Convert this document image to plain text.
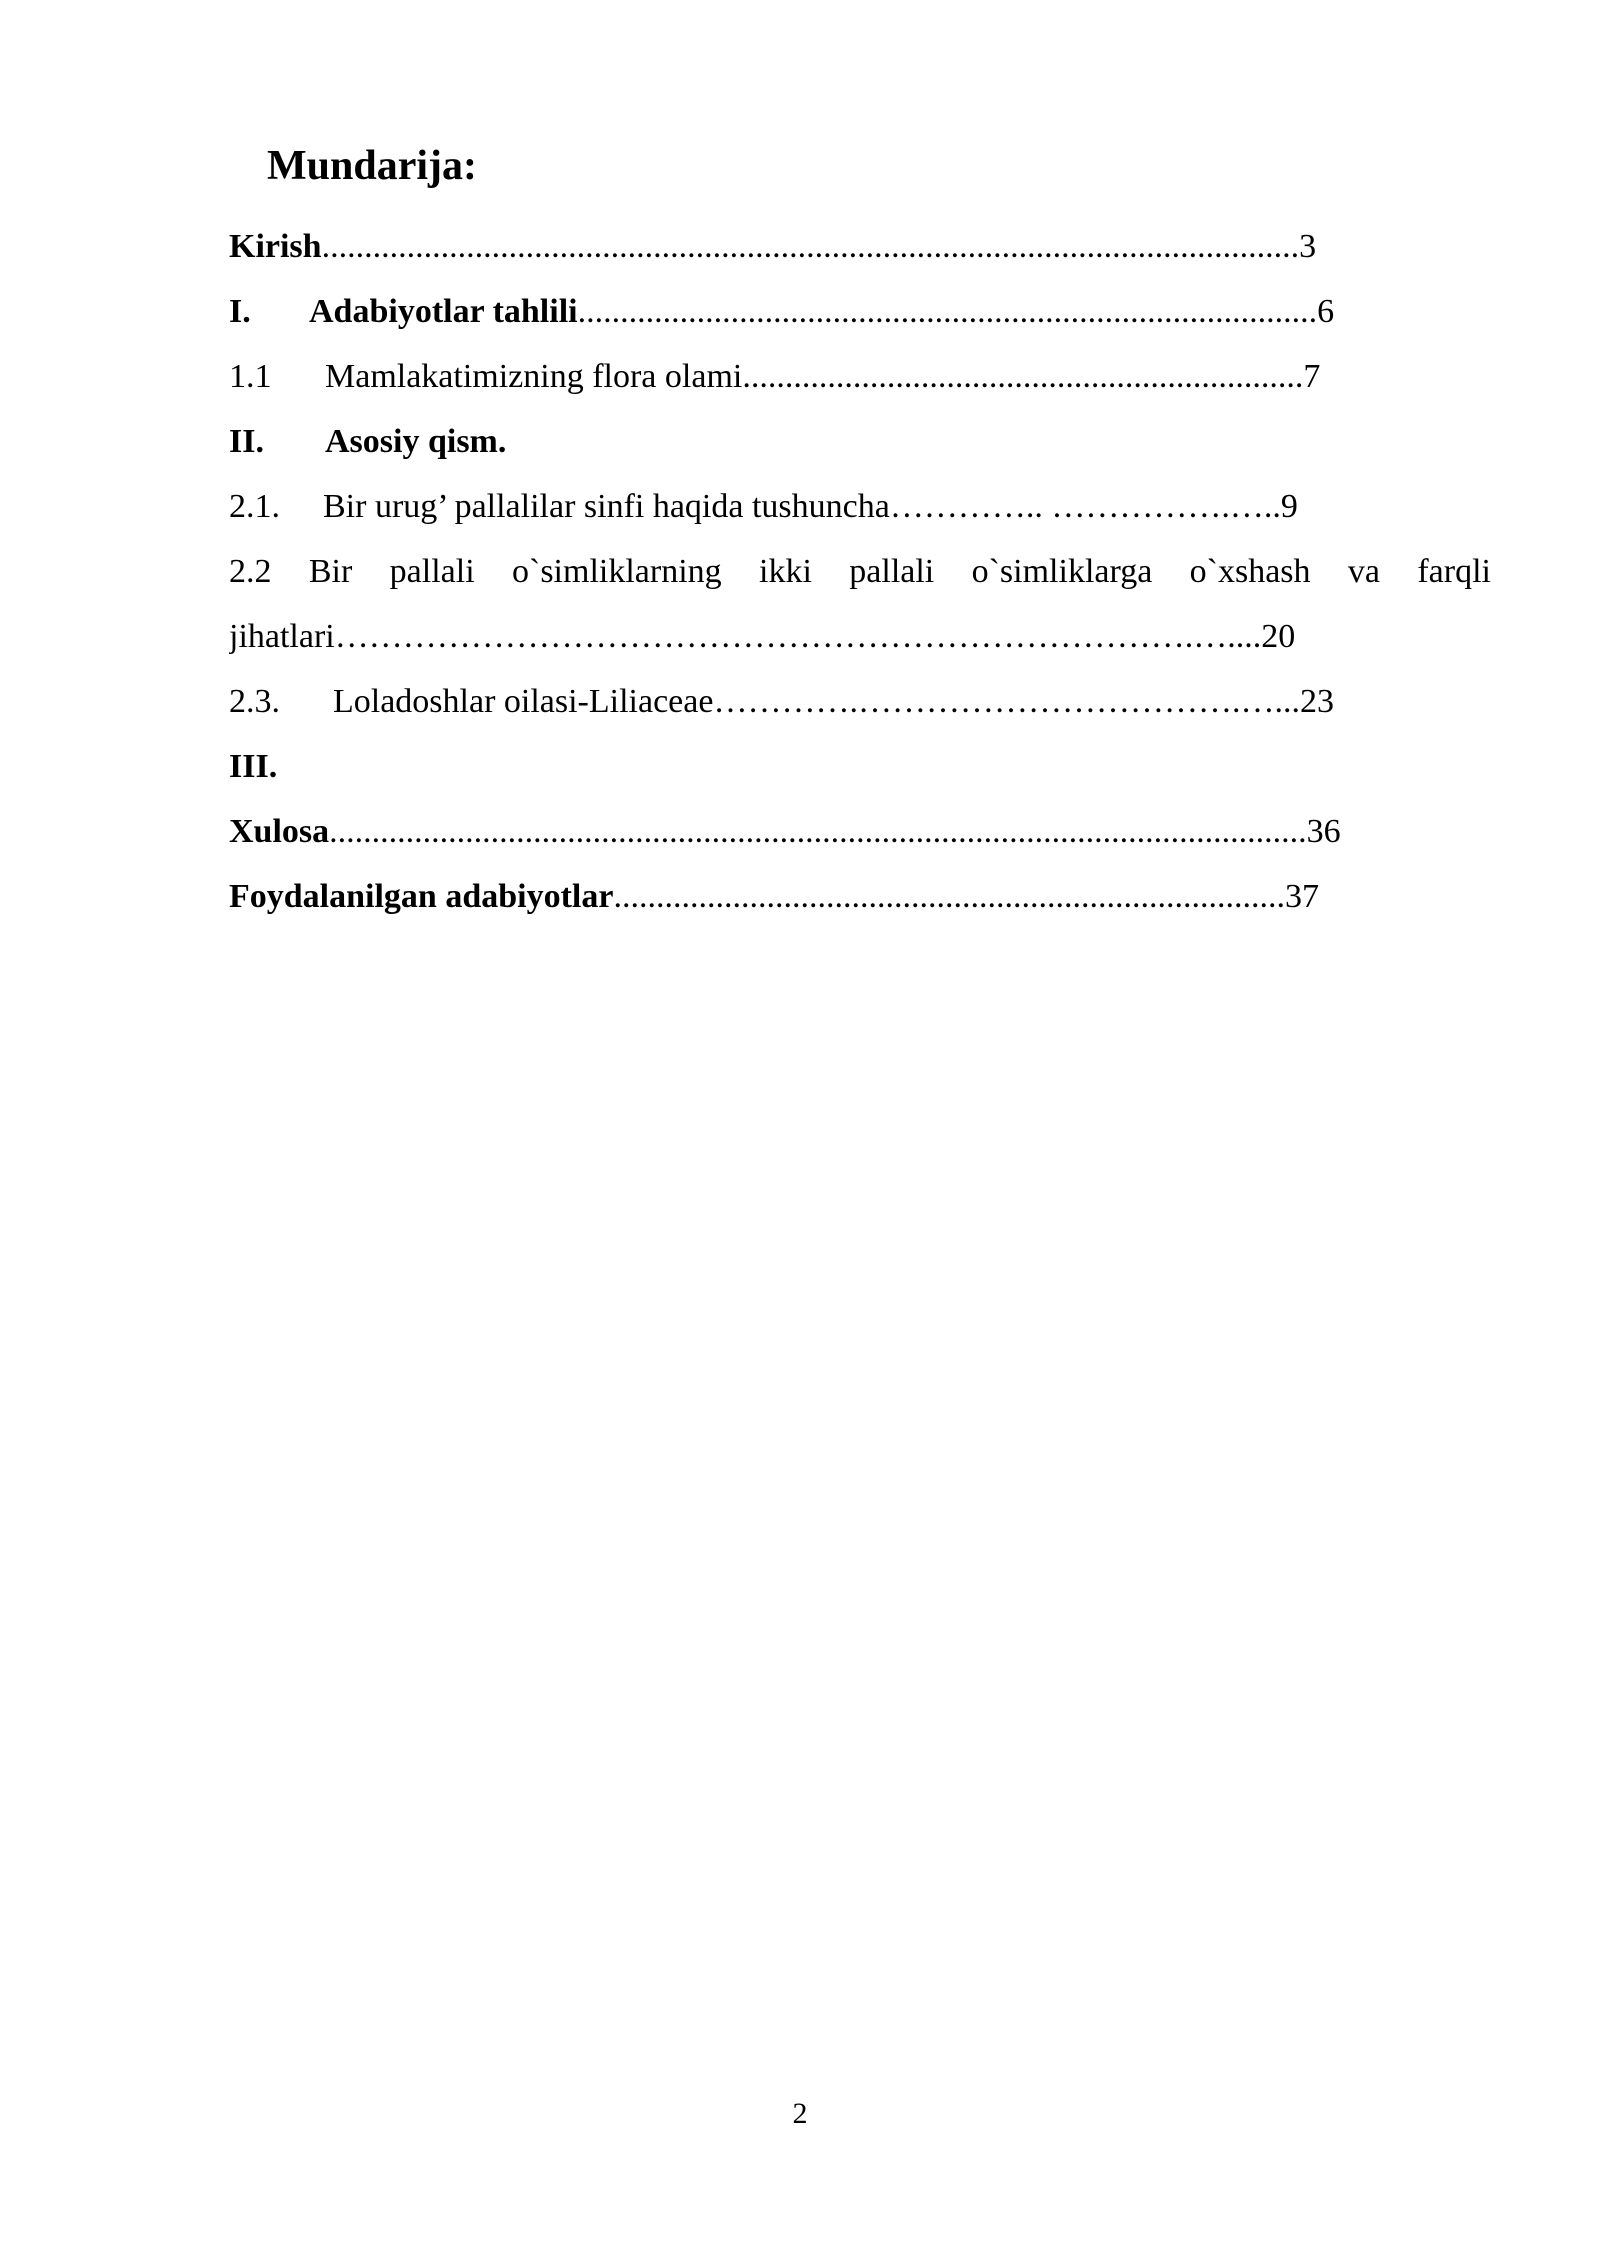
Mundarija:
Kirish...................................................................................................................3
I. Adabiyotlar tahlili.......................................................................................6
1.1 Mamlakatimizning flora olami..................................................................7
II. Asosiy qism.
2.1. Bir urug’ pallalilar sinfi haqida tushuncha………….. …………….…..9
2.2 Bir pallali o`simliklarning ikki pallali o`simliklarga o`xshash va farqli
jihatlari………………………………………………………………….…....20
2.3. Loladoshlar oilasi-Liliaceae………….…………………………….…...23
III.
Xulosa...................................................................................................................36
Foydalanilgan adabiyotlar...............................................................................37
2
